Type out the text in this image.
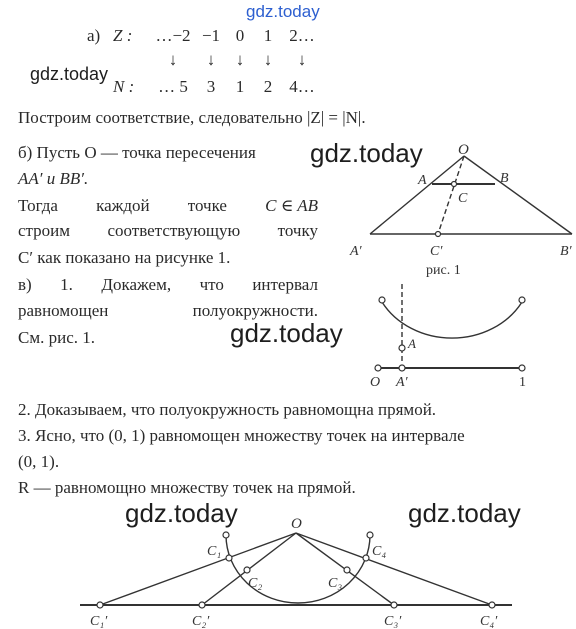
gdz.today
а) Z :	…−2 −1 0	1	2…
↓	↓	↓	↓	↓
gdz.today
N :	… 5	3	1	2	4…
Построим соответствие, следовательно |Z| = |N|.
б) Пусть O — точка пересечения gdz.today
AA′ и BB′.
Тогда каждой точке C ∈ AB
строим соответствующую точку
C′ как показано на рисунке 1.
в) 1. Докажем, что интервал
равномощен	полуокружности.
См. рис. 1.	gdz.today
O
A	B
C
A′	C′	B′
рис. 1
A
O A′	1
2. Доказываем, что полуокружность равномощна прямой.
3. Ясно, что (0, 1) равномощен множеству точек на интервале
(0, 1).
R — равномощно множеству точек на прямой.
gdz.today	gdz.today
O
C₁
C₂	C₃
C₄
C₁′	C₂′	C₃′	C₄′
